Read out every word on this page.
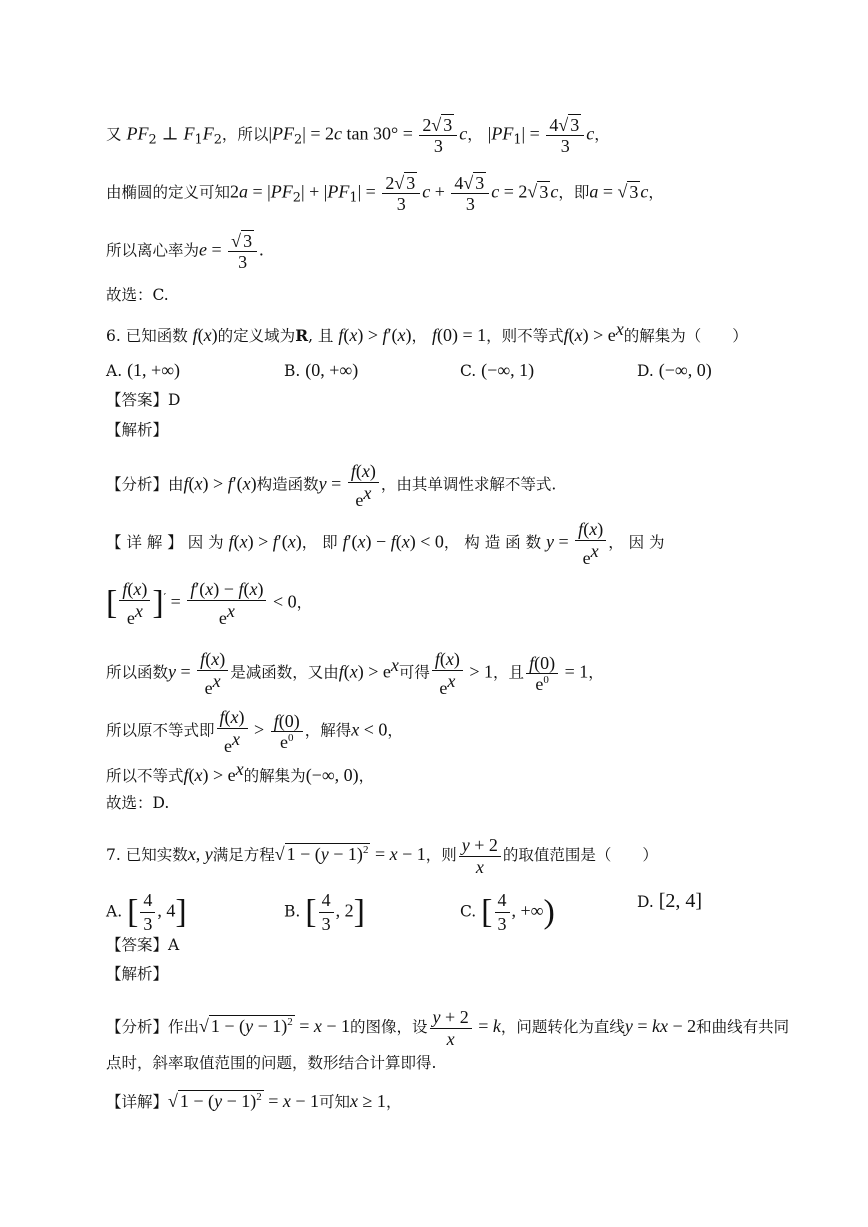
又 $PF_2$ ⊥ $F_1F_2$，所以$|PF_2| = 2c$ $\tan 30^\circ = \frac{2√ 3}{3}$ c， $|PF_1| = \frac{4√ 3}{3}$ c，
由椭圆的定义可知$2a = |PF_2| + |PF_1| = \frac{2√ 3}{3}$ $c + \frac{4√ 3}{3}$ c = 2√ 3 c，即a = √ 3 c，
所以离心率为$e = \frac{√ 3}{3}$ .
故选：C.
6. 已知函数 f(x)的定义域为R, 且 f(x) > f′(x)， f(0) = 1，则不等式$f(x) > e^x$的解集为（　　）
A. (1, +∞)	B. (0, +∞)	C. (−∞, 1)	D. (−∞, 0)
【答案】D
【解析】
【分析】由f(x) > f′(x)构造函数$y = \frac{f(x)}{e^x}$ ，由其单调性求解不等式.
【 详 解 】 因 为 f(x) > f′(x)， 即 f′(x) − f(x) < 0， 构 造 函 数 $y = \frac{f(x)}{e^x}$ ， 因 为
[ $\frac{f(x)}{e^x} ]' = \frac{f'(x) - f(x)}{e^x} < 0$，
所以函数$y = \frac{f(x)}{e^x}$ 是减函数，又由$f(x) > e^x$可得 $\frac{f(x)}{e^x} > 1$，且 $\frac{f(0)}{e^0} = 1$，
所以原不等式即 $\frac{f(x)}{e^x} > \frac{f(0)}{e^0}$ ，解得x < 0，
所以不等式$f(x) > e^x$的解集为(−∞, 0)，
故选：D.
7. 已知实数x, y满足方程√ $1 - (y - 1)^2 = x - 1$，则 $\frac{y + 2}{x}$ 的取值范围是（　　）
A. [ $\frac{4}{3}$ , 4]	B. [ $\frac{4}{3}$ , 2]	C. [ $\frac{4}{3}$ , +∞)	D. [2, 4]
【答案】A
【解析】
【分析】作出√ $1 - (y - 1)^2 = x - 1$的图像，设 $\frac{y + 2}{x} = k$，问题转化为直线y = kx − 2和曲线有共同
点时，斜率取值范围的问题，数形结合计算即得.
【详解】√ $1 - (y - 1)^2 = x - 1$可知x ≥ 1，
